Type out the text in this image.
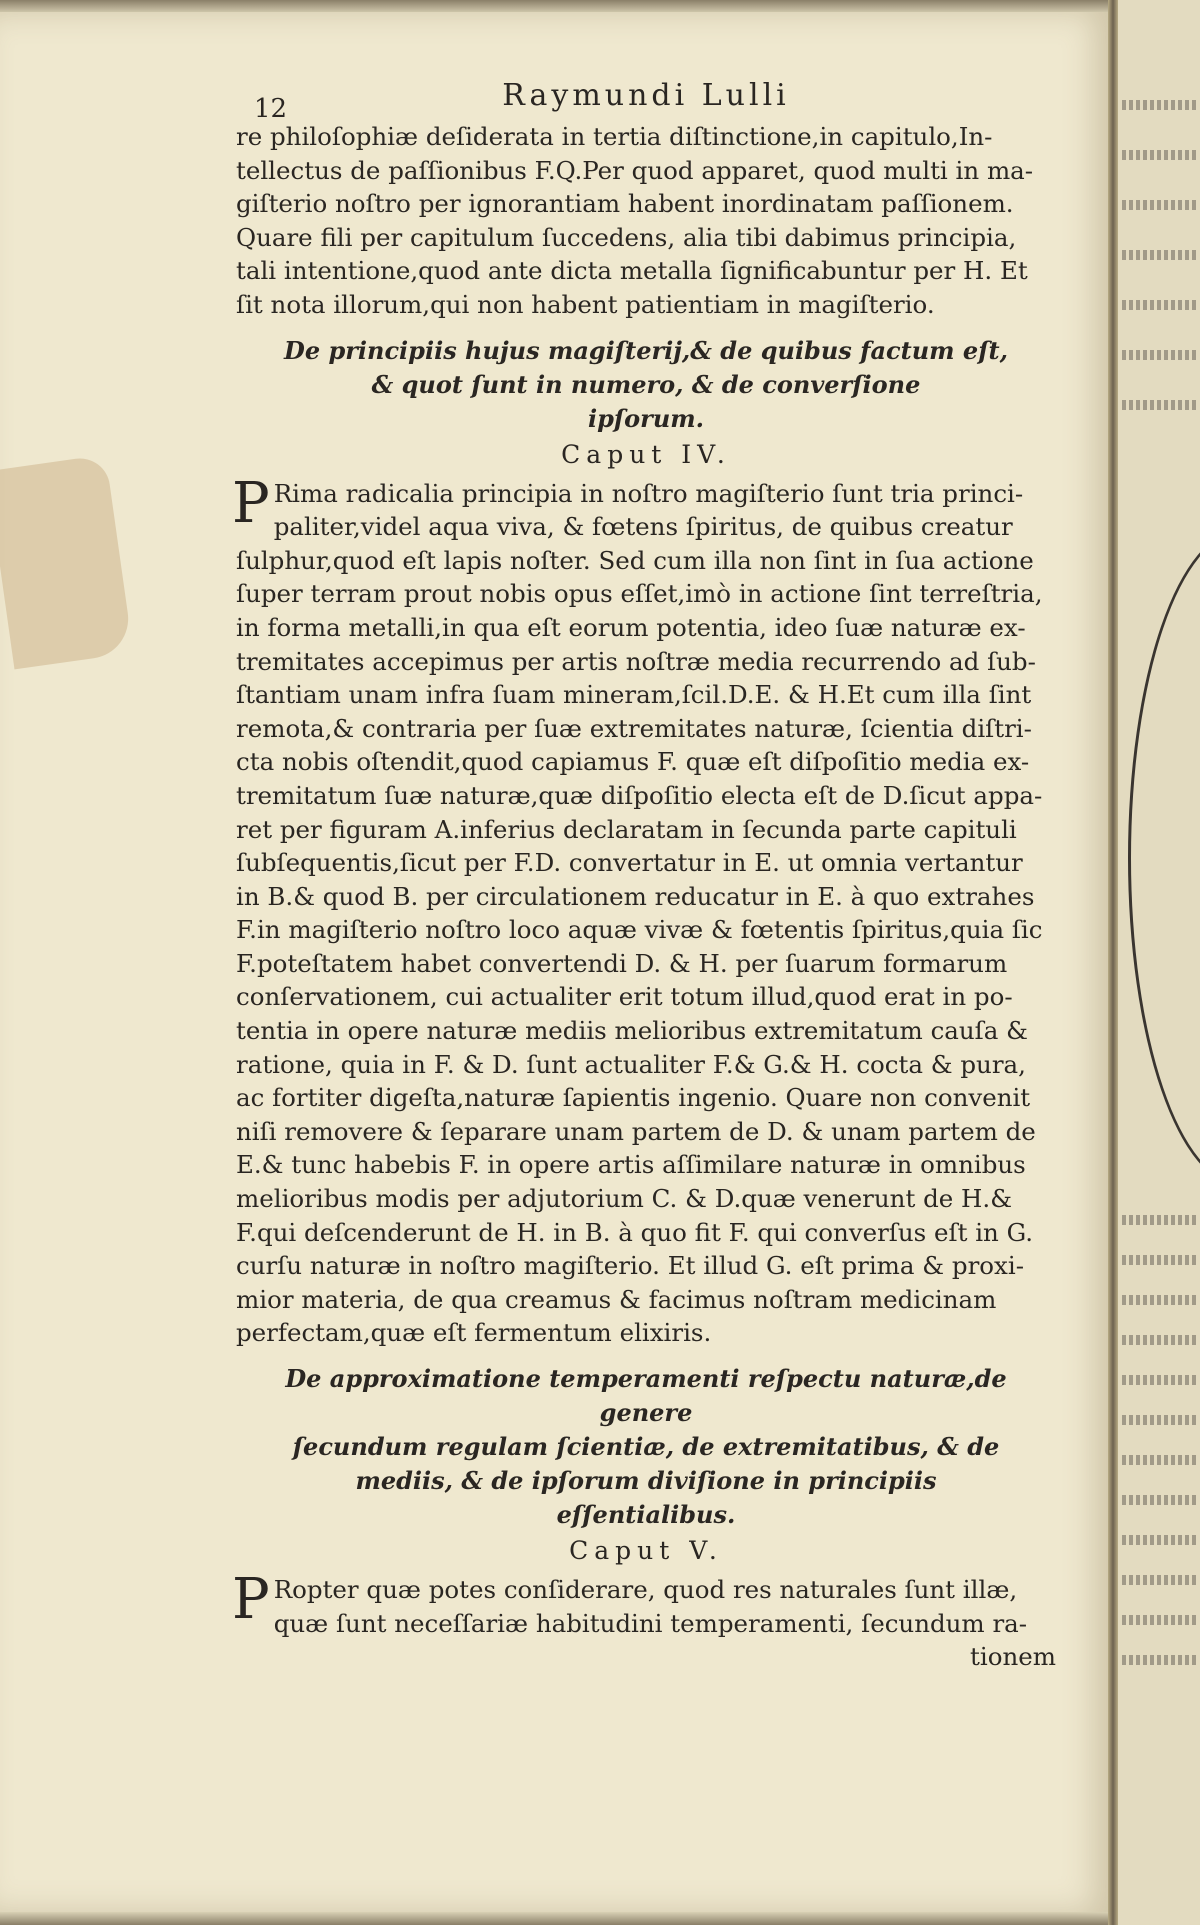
12	Raymundi Lulli

re philoſophiæ deſiderata in tertia diſtinctione,in capitulo,In-
tellectus de paſſionibus F.Q.Per quod apparet, quod multi in ma-
giſterio noſtro per ignorantiam habent inordinatam paſſionem.
Quare fili per capitulum ſuccedens, alia tibi dabimus principia,
tali intentione,quod ante dicta metalla ſignificabuntur per H. Et
ſit nota illorum,qui non habent patientiam in magiſterio.

De principiis hujus magiſterij,& de quibus factum eſt,
& quot ſunt in numero, & de converſione
ipſorum.
Caput IV.

P Rima radicalia principia in noſtro magiſterio ſunt tria princi-
paliter,videl aqua viva, & fœtens ſpiritus, de quibus creatur
ſulphur,quod eſt lapis noſter. Sed cum illa non ſint in ſua actione
ſuper terram prout nobis opus eſſet,imò in actione ſint terreſtria,
in forma metalli,in qua eſt eorum potentia, ideo ſuæ naturæ ex-
tremitates accepimus per artis noſtræ media recurrendo ad ſub-
ſtantiam unam infra ſuam mineram,ſcil.D.E. & H.Et cum illa ſint
remota,& contraria per ſuæ extremitates naturæ, ſcientia diſtri-
cta nobis oſtendit,quod capiamus F. quæ eſt diſpoſitio media ex-
tremitatum ſuæ naturæ,quæ diſpoſitio electa eſt de D.ſicut appa-
ret per figuram A.inferius declaratam in ſecunda parte capituli
ſubſequentis,ſicut per F.D. convertatur in E. ut omnia vertantur
in B.& quod B. per circulationem reducatur in E. à quo extrahes
F.in magiſterio noſtro loco aquæ vivæ & fœtentis ſpiritus,quia ſic
F.poteſtatem habet convertendi D. & H. per ſuarum formarum
conſervationem, cui actualiter erit totum illud,quod erat in po-
tentia in opere naturæ mediis melioribus extremitatum cauſa &
ratione, quia in F. & D. ſunt actualiter F.& G.& H. cocta & pura,
ac fortiter digeſta,naturæ ſapientis ingenio. Quare non convenit
niſi removere & ſeparare unam partem de D. & unam partem de
E.& tunc habebis F. in opere artis aſſimilare naturæ in omnibus
melioribus modis per adjutorium C. & D.quæ venerunt de H.&
F.qui deſcenderunt de H. in B. à quo fit F. qui converſus eſt in G.
curſu naturæ in noſtro magiſterio. Et illud G. eſt prima & proxi-
mior materia, de qua creamus & facimus noſtram medicinam
perfectam,quæ eſt fermentum elixiris.

De approximatione temperamenti reſpectu naturæ,de genere
ſecundum regulam ſcientiæ, de extremitatibus, & de
mediis, & de ipſorum diviſione in principiis
eſſentialibus.
Caput V.

P Ropter quæ potes conſiderare, quod res naturales ſunt illæ,
quæ ſunt neceſſariæ habitudini temperamenti, ſecundum ra-
tionem
